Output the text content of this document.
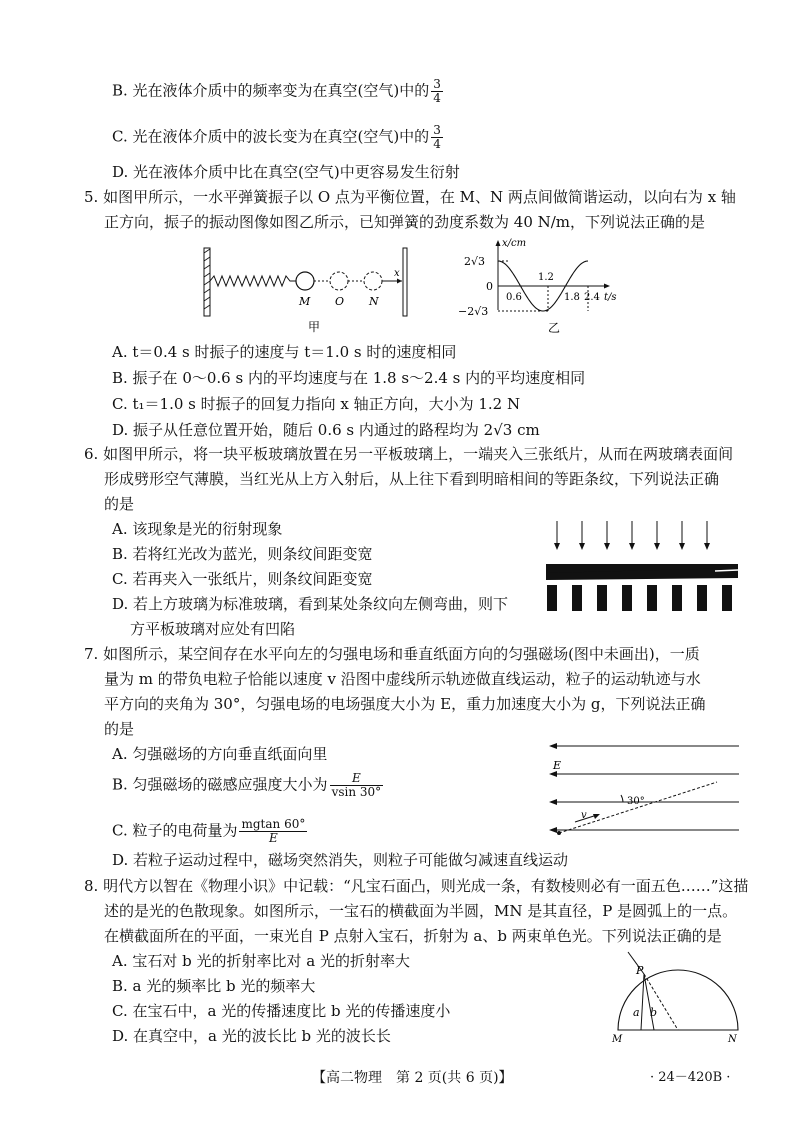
B. 光在液体介质中的频率变为在真空(空气)中的 $\frac{3}{4}$
C. 光在液体介质中的波长变为在真空(空气)中的 $\frac{3}{4}$
D. 光在液体介质中比在真空(空气)中更容易发生衍射
5. 如图甲所示，一水平弹簧振子以 O 点为平衡位置，在 M、N 两点间做简谐运动，以向右为 x 轴
正方向，振子的振动图像如图乙所示，已知弹簧的劲度系数为 40 N/m，下列说法正确的是
M O N
x
甲
x/cm
2√3
0
−2√3
0.6
1.2
1.8 2.4 t/s
乙
A. t＝0.4 s 时振子的速度与 t＝1.0 s 时的速度相同
B. 振子在 0～0.6 s 内的平均速度与在 1.8 s～2.4 s 内的平均速度相同
C. t₁＝1.0 s 时振子的回复力指向 x 轴正方向，大小为 1.2 N
D. 振子从任意位置开始，随后 0.6 s 内通过的路程均为 2√3 cm
6. 如图甲所示，将一块平板玻璃放置在另一平板玻璃上，一端夹入三张纸片，从而在两玻璃表面间
形成劈形空气薄膜，当红光从上方入射后，从上往下看到明暗相间的等距条纹，下列说法正确
的是
A. 该现象是光的衍射现象
B. 若将红光改为蓝光，则条纹间距变宽
C. 若再夹入一张纸片，则条纹间距变宽
D. 若上方玻璃为标准玻璃，看到某处条纹向左侧弯曲，则下
方平板玻璃对应处有凹陷
7. 如图所示，某空间存在水平向左的匀强电场和垂直纸面方向的匀强磁场(图中未画出)，一质
量为 m 的带负电粒子恰能以速度 v 沿图中虚线所示轨迹做直线运动，粒子的运动轨迹与水
平方向的夹角为 30°，匀强电场的电场强度大小为 E，重力加速度大小为 g，下列说法正确
的是
A. 匀强磁场的方向垂直纸面向里
B. 匀强磁场的磁感应强度大小为 $\frac{E}{vsin 30^\circ}$
C. 粒子的电荷量为 $\frac{mgtan 60^\circ}{E}$
D. 若粒子运动过程中，磁场突然消失，则粒子可能做匀减速直线运动
E
v
30°
8. 明代方以智在《物理小识》中记载：“凡宝石面凸，则光成一条，有数棱则必有一面五色……”这描
述的是光的色散现象。如图所示，一宝石的横截面为半圆，MN 是其直径，P 是圆弧上的一点。
在横截面所在的平面，一束光自 P 点射入宝石，折射为 a、b 两束单色光。下列说法正确的是
A. 宝石对 b 光的折射率比对 a 光的折射率大
B. a 光的频率比 b 光的频率大
C. 在宝石中，a 光的传播速度比 b 光的传播速度小
D. 在真空中，a 光的波长比 b 光的波长长
P
a b
M	N
【高二物理　第 2 页(共 6 页)】	· 24－420B ·
